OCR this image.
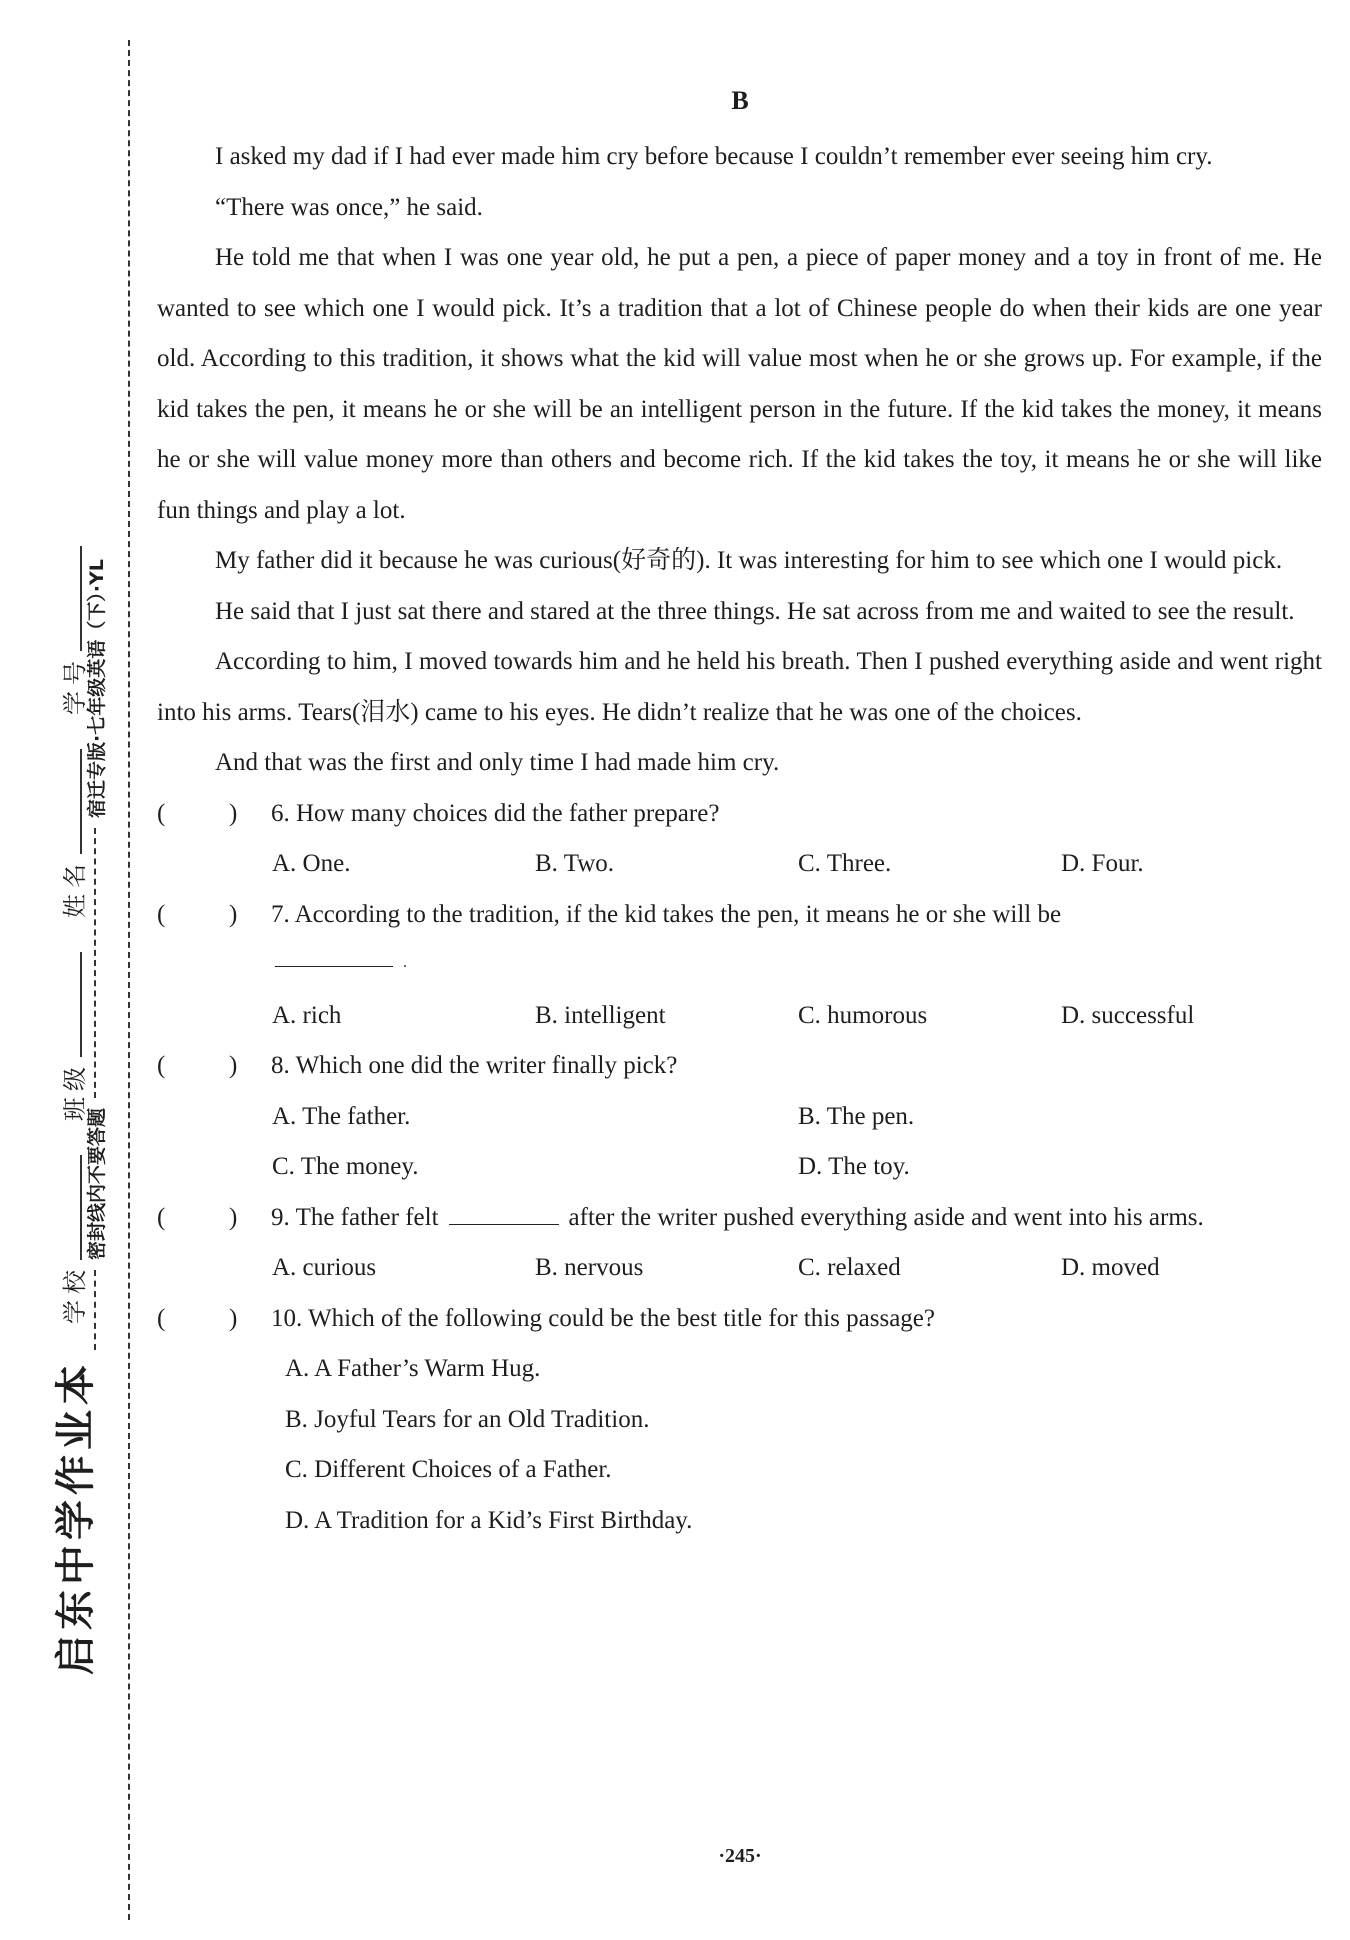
启东中学作业本
学校
班级
姓名
学号
密封线内不要答题
宿迁专版·七年级英语（下）·YL
B

I asked my dad if I had ever made him cry before because I couldn’t remember ever seeing him cry.

“There was once,” he said.

He told me that when I was one year old, he put a pen, a piece of paper money and a toy in front of me. He wanted to see which one I would pick. It’s a tradition that a lot of Chinese people do when their kids are one year old. According to this tradition, it shows what the kid will value most when he or she grows up. For example, if the kid takes the pen, it means he or she will be an intelligent person in the future. If the kid takes the money, it means he or she will value money more than others and become rich. If the kid takes the toy, it means he or she will like fun things and play a lot.

My father did it because he was curious(好奇的). It was interesting for him to see which one I would pick.

He said that I just sat there and stared at the three things. He sat across from me and waited to see the result.

According to him, I moved towards him and he held his breath. Then I pushed everything aside and went right into his arms. Tears(泪水) came to his eyes. He didn’t realize that he was one of the choices.

And that was the first and only time I had made him cry.

(	)	6. How many choices did the father prepare?
A. One.	B. Two.	C. Three.	D. Four.
(	)	7. According to the tradition, if the kid takes the pen, it means he or she will be
.
A. rich	B. intelligent	C. humorous	D. successful
(	)	8. Which one did the writer finally pick?
A. The father.	B. The pen.
C. The money.	D. The toy.
(	)	9. The father felt	after the writer pushed everything aside and went into his arms.
A. curious	B. nervous	C. relaxed	D. moved
(	)	10. Which of the following could be the best title for this passage?
A. A Father’s Warm Hug.
B. Joyful Tears for an Old Tradition.
C. Different Choices of a Father.
D. A Tradition for a Kid’s First Birthday.
·245·
